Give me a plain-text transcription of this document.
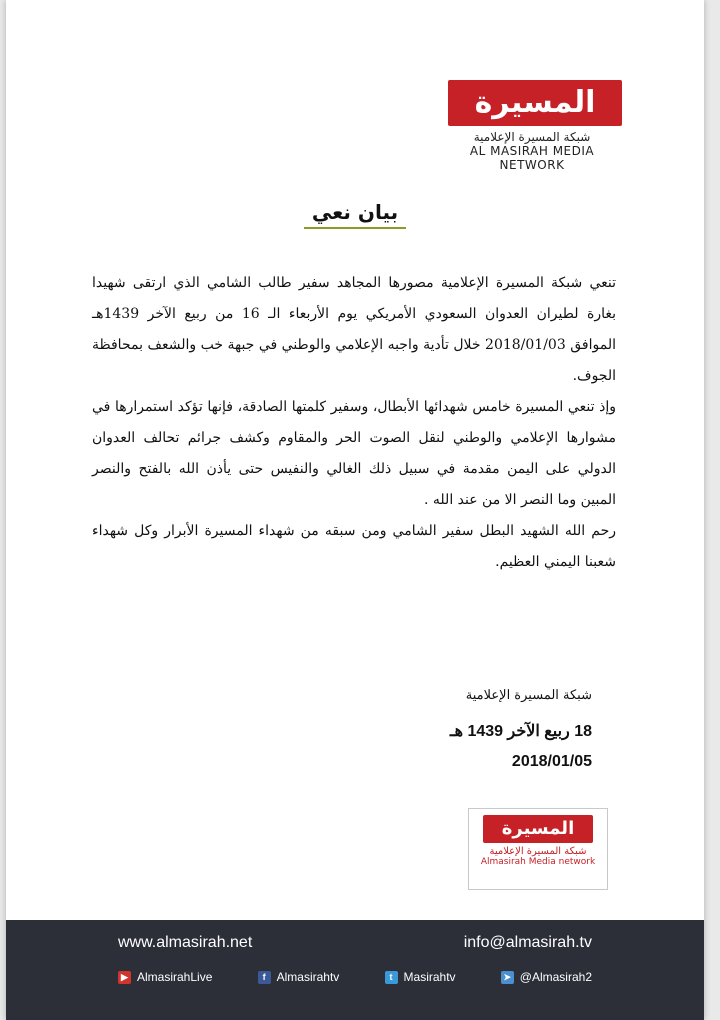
المسيرة
شبكة المسيرة الإعلامية
AL MASIRAH MEDIA NETWORK
بيان نعي

تنعي شبكة المسيرة الإعلامية مصورها المجاهد سفير طالب الشامي الذي ارتقى شهيدا بغارة لطيران العدوان السعودي الأمريكي يوم الأربعاء الـ 16 من ربيع الآخر 1439هـ الموافق 2018/01/03 خلال تأدية واجبه الإعلامي والوطني في جبهة خب والشعف بمحافظة الجوف.

وإذ تنعي المسيرة خامس شهدائها الأبطال، وسفير كلمتها الصادقة، فإنها تؤكد استمرارها في مشوارها الإعلامي والوطني لنقل الصوت الحر والمقاوم وكشف جرائم تحالف العدوان الدولي على اليمن مقدمة في سبيل ذلك الغالي والنفيس حتى يأذن الله بالفتح والنصر المبين وما النصر الا من عند الله .

رحم الله الشهيد البطل سفير الشامي ومن سبقه من شهداء المسيرة الأبرار وكل شهداء شعبنا اليمني العظيم.

شبكة المسيرة الإعلامية
18 ربيع الآخر 1439 هـ
2018/01/05
المسيرة
شبكة المسيرة الإعلامية
Almasirah Media network
www.almasirah.net	info@almasirah.tv
▶ AlmasirahLive	f Almasirahtv	t Masirahtv	➤ @Almasirah2
